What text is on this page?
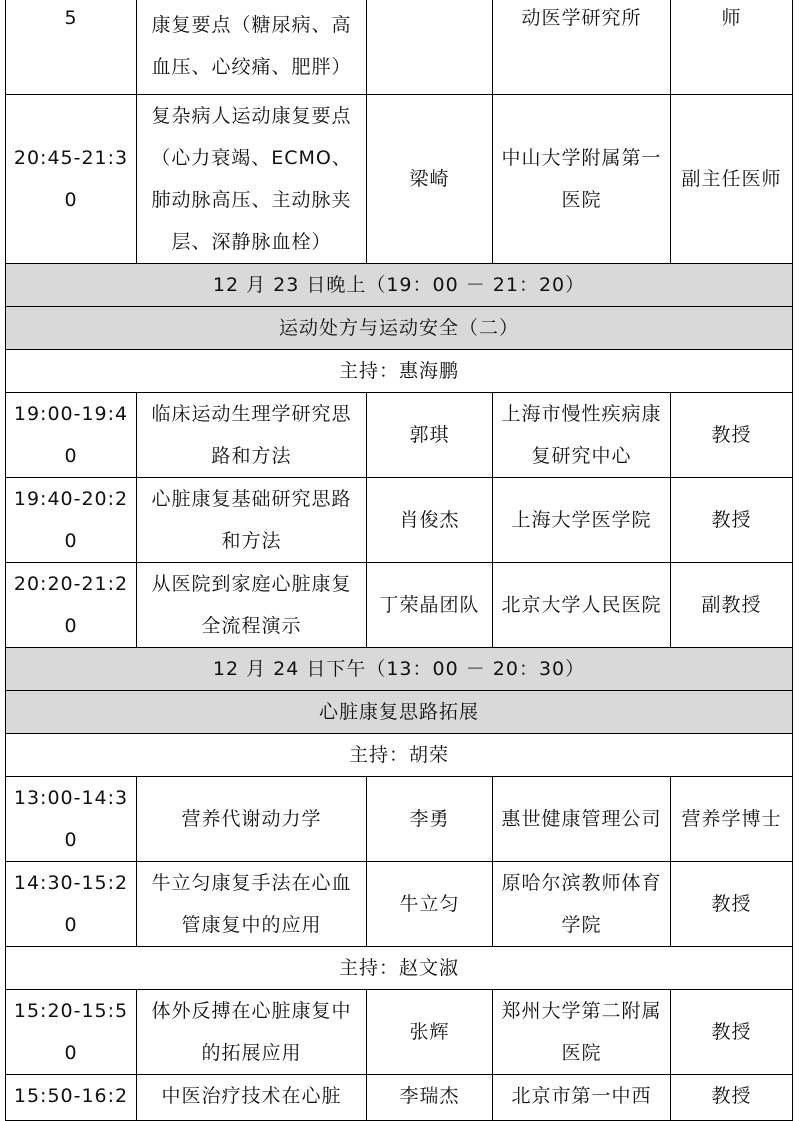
5	康复要点（糖尿病、高血压、心绞痛、肥胖）		动医学研究所	师
20:45-21:30	复杂病人运动康复要点（心力衰竭、ECMO、肺动脉高压、主动脉夹层、深静脉血栓）	梁崎	中山大学附属第一医院	副主任医师
12 月 23 日晚上（19：00 － 21：20）				
运动处方与运动安全（二）				
主持：惠海鹏				
19:00-19:40	临床运动生理学研究思路和方法	郭琪	上海市慢性疾病康复研究中心	教授
19:40-20:20	心脏康复基础研究思路和方法	肖俊杰	上海大学医学院	教授
20:20-21:20	从医院到家庭心脏康复全流程演示	丁荣晶团队	北京大学人民医院	副教授
12 月 24 日下午（13：00 － 20：30）				
心脏康复思路拓展				
主持：胡荣				
13:00-14:30	营养代谢动力学	李勇	惠世健康管理公司	营养学博士
14:30-15:20	牛立匀康复手法在心血管康复中的应用	牛立匀	原哈尔滨教师体育学院	教授
主持：赵文淑				
15:20-15:50	体外反搏在心脏康复中的拓展应用	张辉	郑州大学第二附属医院	教授
15:50-16:2	中医治疗技术在心脏	李瑞杰	北京市第一中西	教授
